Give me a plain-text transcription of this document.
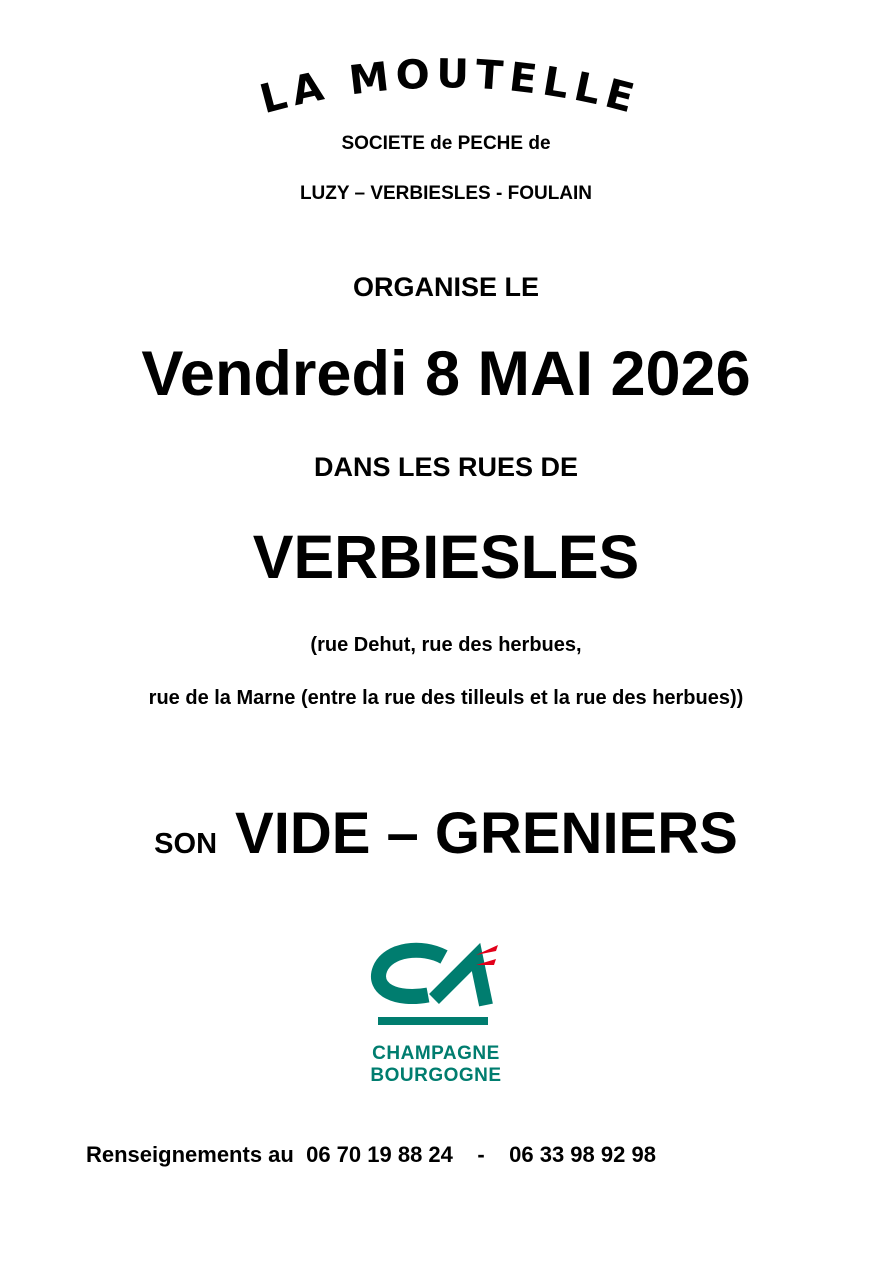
LA MOUTELLE
SOCIETE de PECHE de
LUZY – VERBIESLES - FOULAIN
ORGANISE LE
Vendredi 8 MAI 2026
DANS LES RUES DE
VERBIESLES
(rue Dehut, rue des herbues,
rue de la Marne (entre la rue des tilleuls et la rue des herbues))
SON VIDE – GRENIERS
CHAMPAGNE
BOURGOGNE
Renseignements au 06 70 19 88 24 - 06 33 98 92 98
